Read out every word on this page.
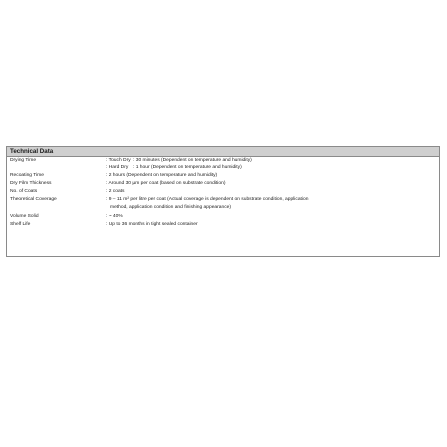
Technical Data
Drying Time	: Touch Dry : 30 minutes (Dependent on temperature and humidity)
: Hard Dry : 1 hour (Dependent on temperature and humidity)
Recoating Time	: 2 hours (Dependent on temperature and humidity)
Dry Film Thickness	: Around 30 µm per coat (based on substrate condition)
No. of Coats	: 2 coats
Theoretical Coverage	: 9 – 11 m² per litre per coat (Actual coverage is dependent on substrate condition, application
method, application condition and finishing appearance)
Volume Solid	: ~ 40%
Shelf Life	: Up to 36 months in tight sealed container
